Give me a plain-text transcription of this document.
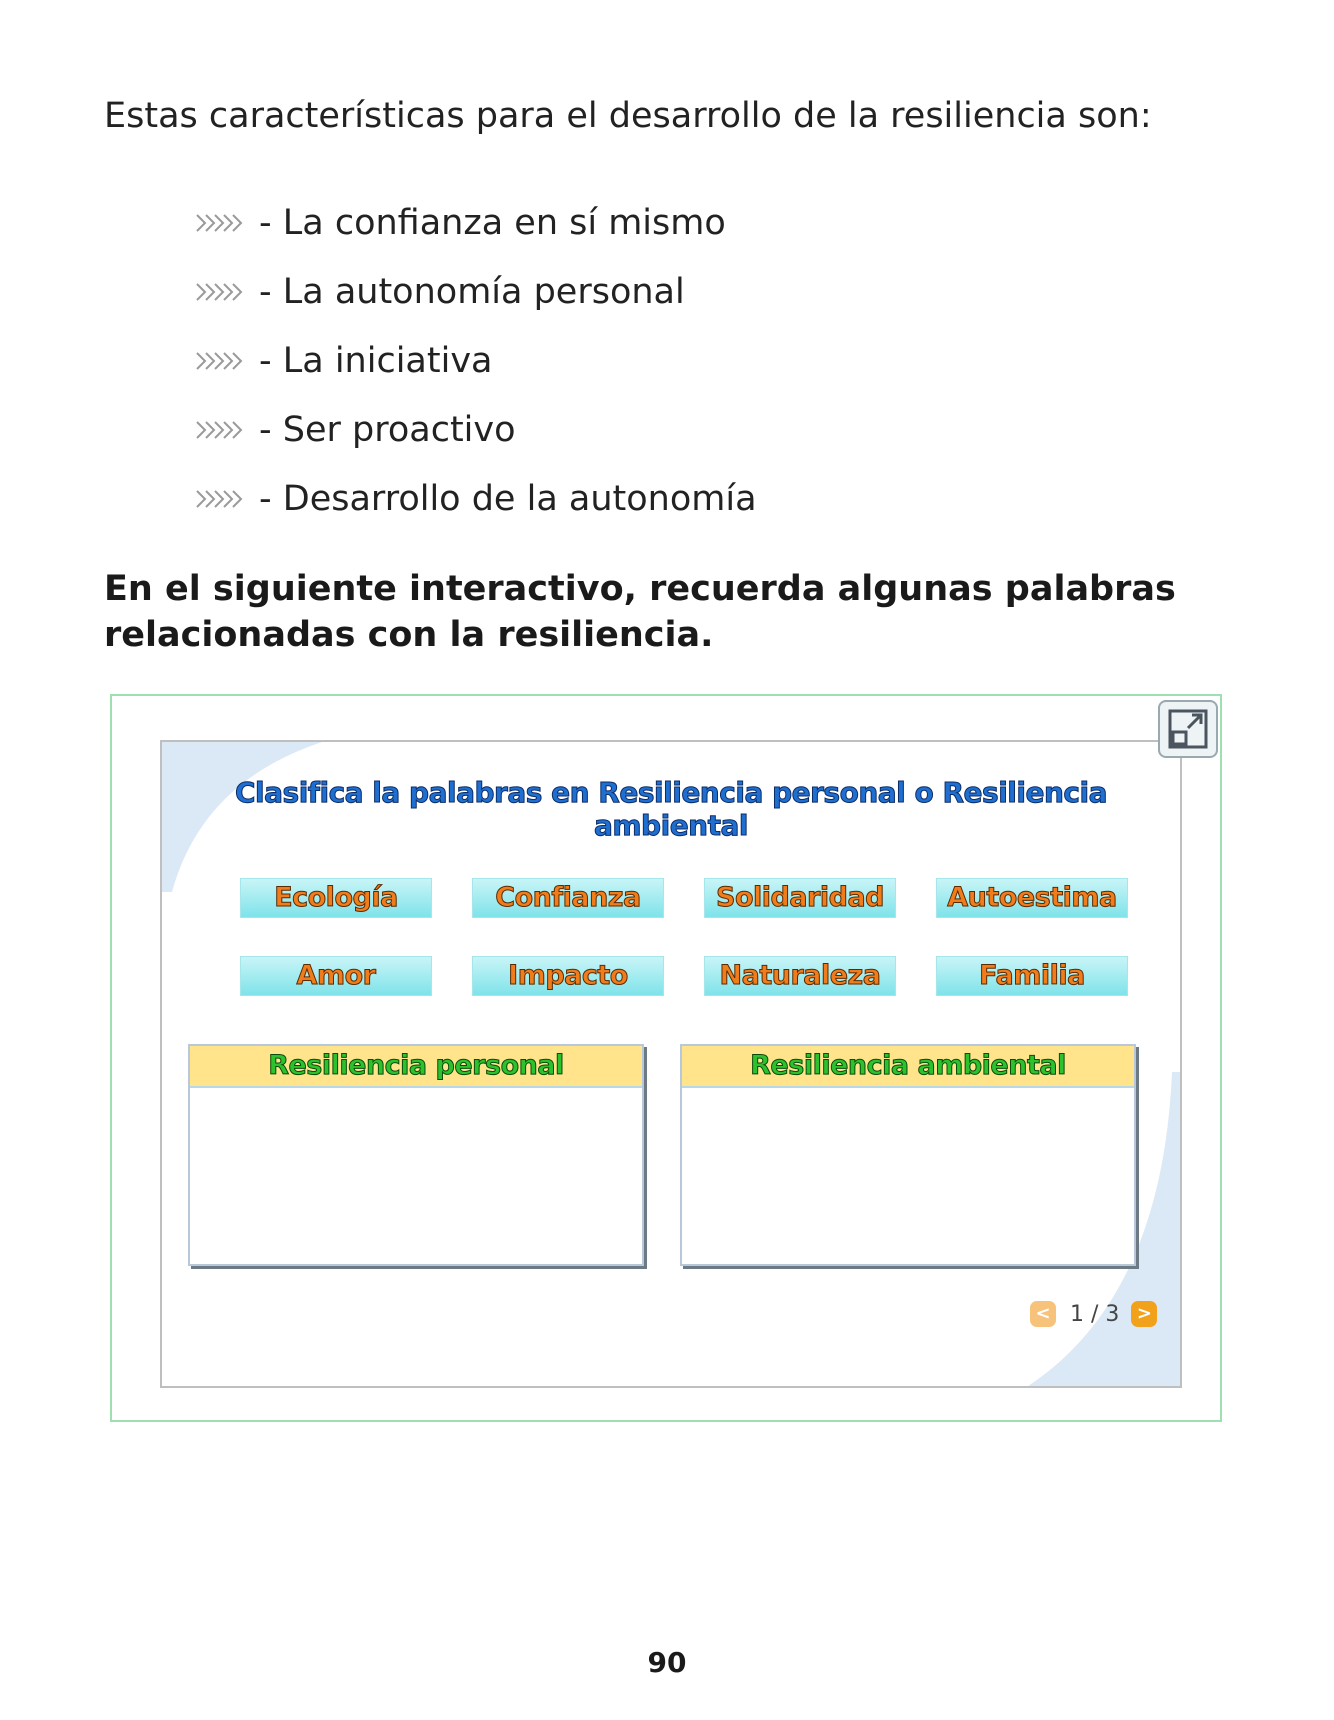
Estas características para el desarrollo de la resiliencia son:
- La confianza en sí mismo
- La autonomía personal
- La iniciativa
- Ser proactivo
- Desarrollo de la autonomía
En el siguiente interactivo, recuerda algunas palabras relacionadas con la resiliencia.
Clasifica la palabras en Resiliencia personal o Resiliencia ambiental
Ecología	Confianza	Solidaridad	Autoestima
Amor	Impacto	Naturaleza	Familia
Resiliencia personal	Resiliencia ambiental
< 1 / 3 >
90
